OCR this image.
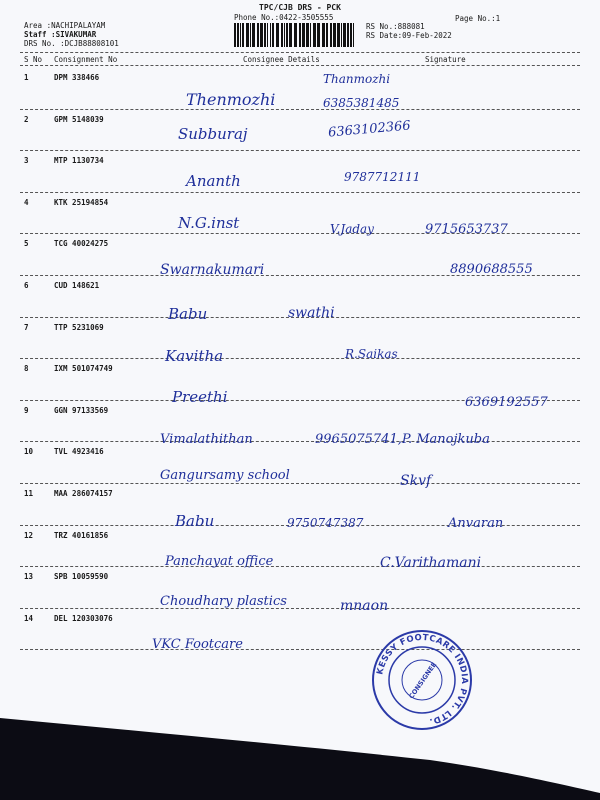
TPC/CJB DRS - PCK
Phone No.:0422-3505555	Page No.:1
Area :NACHIPALAYAM
Staff :SIVAKUMAR
DRS No. :DCJB88808101
RS No.:888081
RS Date:09-Feb-2022
S No Consignment No	Consignee Details	Signature
1	DPM 338466
Thenmozhi
Thanmozhi
6385381485
2	GPM 5148039
Subburaj	6363102366
3	MTP 1130734
Ananth	9787712111
4	KTK 25194854
N.G.inst	V.Jaday	9715653737
5	TCG 40024275
Swarnakumari	8890688555
6	CUD 148621
Babu	swathi
7	TTP 5231069
Kavitha	R.Saikas
8	IXM 501074749
Preethi	6369192557
9	GGN 97133569
Vimalathithan	9965075741,P. Manojkuba
10	TVL 4923416
Gangursamy school	Skvf
11	MAA 286074157
Babu	9750747387	Anvaran
12	TRZ 40161856
Panchayat office	C.Varithamani
13	SPB 10059590
Choudhary plastics	mnaon
14	DEL 120303076
VKC Footcare
KESSY FOOTCARE INDIA PVT. LTD.
CONSIGNEE
